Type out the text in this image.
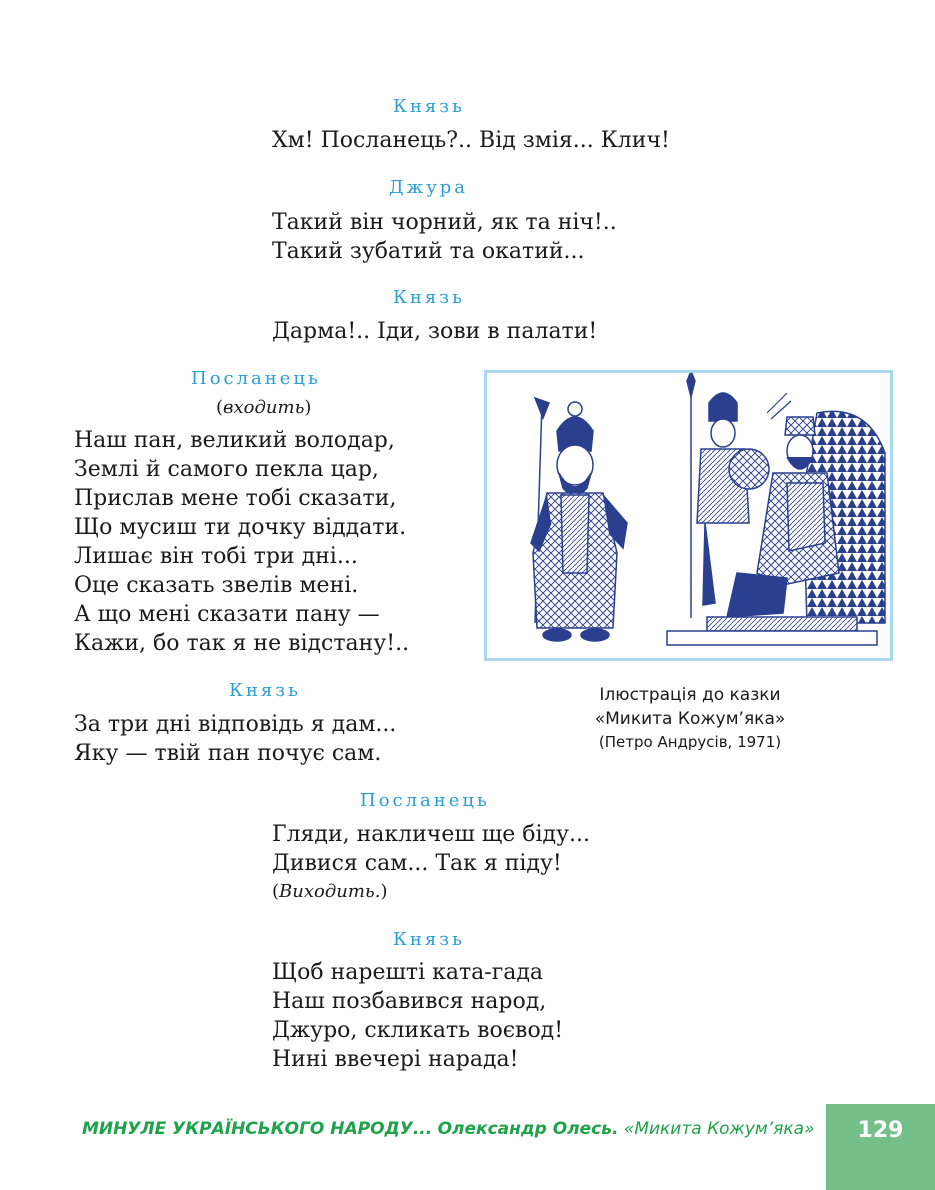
Князь
Хм! Посланець?.. Від змія... Клич!
Джура
Такий він чорний, як та ніч!..
Такий зубатий та окатий...
Князь
Дарма!.. Іди, зови в палати!
Посланець
(входить)
Наш пан, великий володар,
Землі й самого пекла цар,
Прислав мене тобі сказати,
Що мусиш ти дочку віддати.
Лишає він тобі три дні...
Оце сказать звелів мені.
А що мені сказати пану —
Кажи, бо так я не відстану!..
Ілюстрація до казки
«Микита Кожум’яка»
(Петро Андрусів, 1971)
Князь
За три дні відповідь я дам...
Яку — твій пан почує сам.
Посланець
Гляди, накличеш ще біду...
Дивися сам... Так я піду!
(Виходить.)
Князь
Щоб нарешті ката-гада
Наш позбавився народ,
Джуро, скликать воєвод!
Нині ввечері нарада!
МИНУЛЕ УКРАЇНСЬКОГО НАРОДУ... Олександр Олесь. «Микита Кожум’яка»	129
